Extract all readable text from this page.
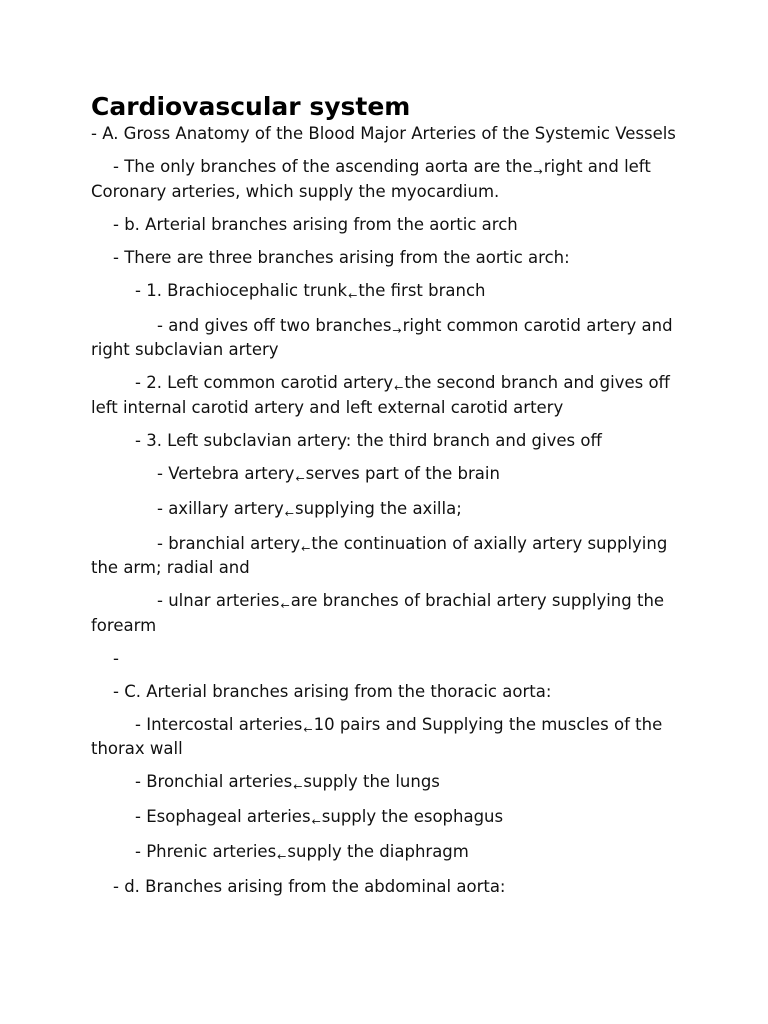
Cardiovascular system

- A. Gross Anatomy of the Blood Major Arteries of the Systemic Vessels

- The only branches of the ascending aorta are the→right and left Coronary arteries, which supply the myocardium.

- b. Arterial branches arising from the aortic arch

- There are three branches arising from the aortic arch:

- 1. Brachiocephalic trunk←the first branch

- and gives off two branches→right common carotid artery and right subclavian artery

- 2. Left common carotid artery←the second branch and gives off left internal carotid artery and left external carotid artery

- 3. Left subclavian artery: the third branch and gives off

- Vertebra artery←serves part of the brain

- axillary artery←supplying the axilla;

- branchial artery←the continuation of axially artery supplying the arm; radial and

- ulnar arteries←are branches of brachial artery supplying the forearm

-

- C. Arterial branches arising from the thoracic aorta:

- Intercostal arteries←10 pairs and Supplying the muscles of the thorax wall

- Bronchial arteries←supply the lungs

- Esophageal arteries←supply the esophagus

- Phrenic arteries←supply the diaphragm

- d. Branches arising from the abdominal aorta:
